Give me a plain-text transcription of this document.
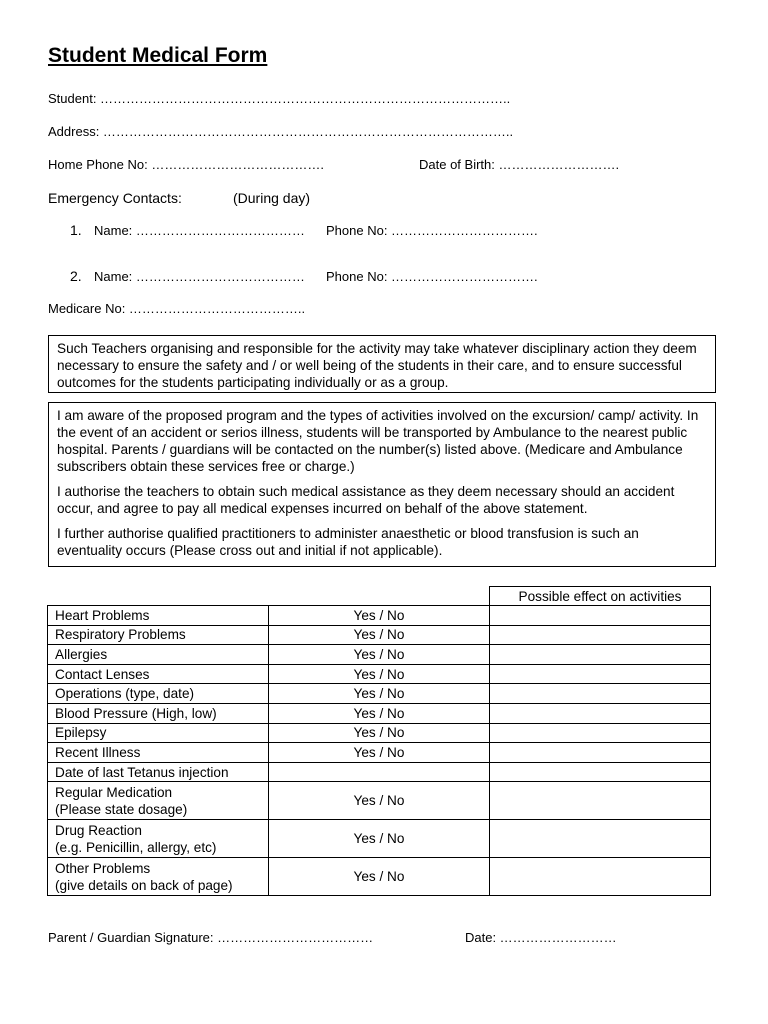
Student Medical Form
Student: …………………………………………………………………………………..
Address: …………………………………………………………………………………..
Home Phone No: ………………………………….	Date of Birth: ……………………….
Emergency Contacts:	(During day)
1. Name: ………………………………… Phone No: …………………………….
2. Name: ………………………………… Phone No: …………………………….
Medicare No: …………………………………..

Such Teachers organising and responsible for the activity may take whatever disciplinary action they deem necessary to ensure the safety and / or well being of the students in their care, and to ensure successful outcomes for the students participating individually or as a group.

I am aware of the proposed program and the types of activities involved on the excursion/ camp/ activity. In the event of an accident or serios illness, students will be transported by Ambulance to the nearest public hospital. Parents / guardians will be contacted on the number(s) listed above. (Medicare and Ambulance subscribers obtain these services free or charge.)

I authorise the teachers to obtain such medical assistance as they deem necessary should an accident occur, and agree to pay all medical expenses incurred on behalf of the above statement.

I further authorise qualified practitioners to administer anaesthetic or blood transfusion is such an eventuality occurs (Please cross out and initial if not applicable).

		Possible effect on activities

Heart Problems	Yes / No	

Respiratory Problems	Yes / No	

Allergies	Yes / No	

Contact Lenses	Yes / No	

Operations (type, date)	Yes / No	

Blood Pressure (High, low)	Yes / No	

Epilepsy	Yes / No	

Recent Illness	Yes / No	

Date of last Tetanus injection		

Regular Medication
(Please state dosage)	Yes / No	

Drug Reaction
(e.g. Penicillin, allergy, etc)	Yes / No	

Other Problems
(give details on back of page)	Yes / No	
Parent / Guardian Signature: ………………………………	Date: ………………………
